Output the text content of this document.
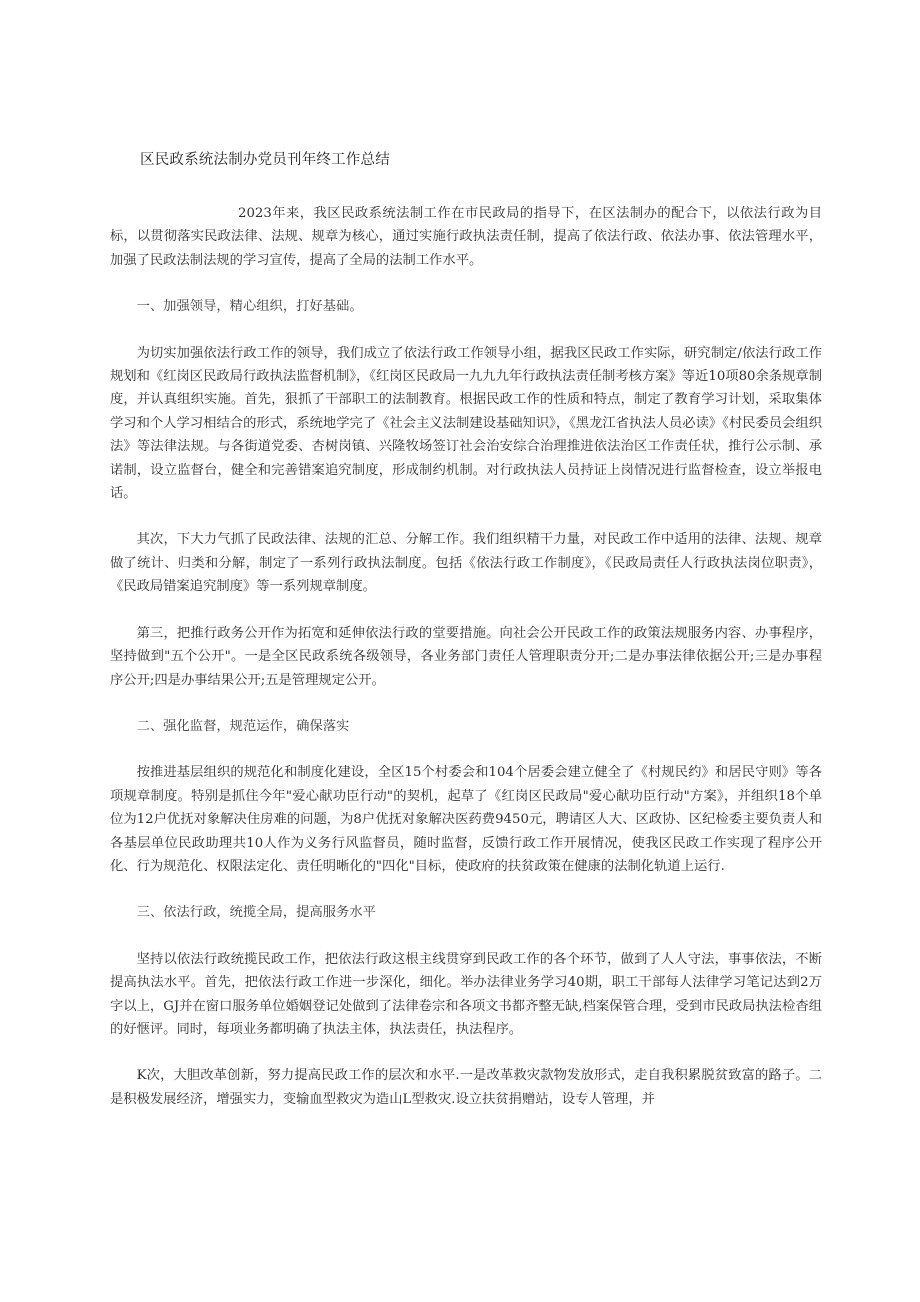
区民政系统法制办党员刊年终工作总结

2023年来，我区民政系统法制工作在市民政局的指导下，在区法制办的配合下，以依法行政为目标，以贯彻落实民政法律、法规、规章为核心，通过实施行政执法责任制，提高了依法行政、依法办事、依法管理水平，加强了民政法制法规的学习宣传，提高了全局的法制工作水平。

一、加强领导，精心组织，打好基础。

为切实加强依法行政工作的领导，我们成立了依法行政工作领导小组，据我区民政工作实际，研究制定/依法行政工作规划和《红岗区民政局行政执法监督机制》，《红岗区民政局一九九九年行政执法责任制考核方案》等近10项80余条规章制度，并认真组织实施。首先，狠抓了干部职工的法制教育。根据民政工作的性质和特点，制定了教育学习计划，采取集体学习和个人学习相结合的形式，系统地学完了《社会主义法制建设基础知识》，《黑龙江省执法人员必读》《村民委员会组织法》等法律法规。与各街道党委、杏树岗镇、兴隆牧场签订社会治安综合治理推进依法治区工作责任状，推行公示制、承诺制，设立监督台，健全和完善错案追究制度，形成制约机制。对行政执法人员持证上岗情况进行监督检查，设立举报电话。

其次，下大力气抓了民政法律、法规的汇总、分解工作。我们组织精干力量，对民政工作中适用的法律、法规、规章做了统计、归类和分解，制定了一系列行政执法制度。包括《依法行政工作制度》，《民政局责任人行政执法岗位职责》，《民政局错案追究制度》等一系列规章制度。

第三，把推行政务公开作为拓宽和延伸依法行政的堂要措施。向社会公开民政工作的政策法规服务内容、办事程序，坚持做到"五个公开"。一是全区民政系统各级领导，各业务部门责任人管理职责分开;二是办事法律依据公开;三是办事程序公开;四是办事结果公开;五是管理规定公开。

二、强化监督，规范运作，确保落实

按推进基层组织的规范化和制度化建设，全区15个村委会和104个居委会建立健全了《村规民约》和居民守则》等各项规章制度。特别是抓住今年"爱心献功臣行动"的契机，起草了《红岗区民政局"爱心献功臣行动"方案》，并组织18个单位为12户优抚对象解决住房难的问题，为8户优抚对象解决医药费9450元，聘请区人大、区政协、区纪检委主要负责人和各基层单位民政助理共10人作为义务行风监督员，随时监督，反馈行政工作开展情况，使我区民政工作实现了程序公开化、行为规范化、权限法定化、责任明晰化的"四化"目标，使政府的扶贫政策在健康的法制化轨道上运行.

三、依法行政，统揽全局，提高服务水平

坚持以依法行政统揽民政工作，把依法行政这根主线贯穿到民政工作的各个环节，做到了人人守法，事事依法，不断提高执法水平。首先，把依法行政工作进一步深化，细化。举办法律业务学习40期，职工干部每人法律学习笔记达到2万字以上，GJ并在窗口服务单位婚姻登记处做到了法律卷宗和各项文书都齐整无缺,档案保管合理，受到市民政局执法检杳组的好惬评。同时，每项业务都明确了执法主体，执法责任，执法程序。

K次，大胆改革创新，努力提高民政工作的层次和水平.一是改革救灾款物发放形式，走自我积累脱贫致富的路子。二是积极发展经济，增强实力，变输血型救灾为造山L型救灾.设立扶贫捐赠站，设专人管理，并
